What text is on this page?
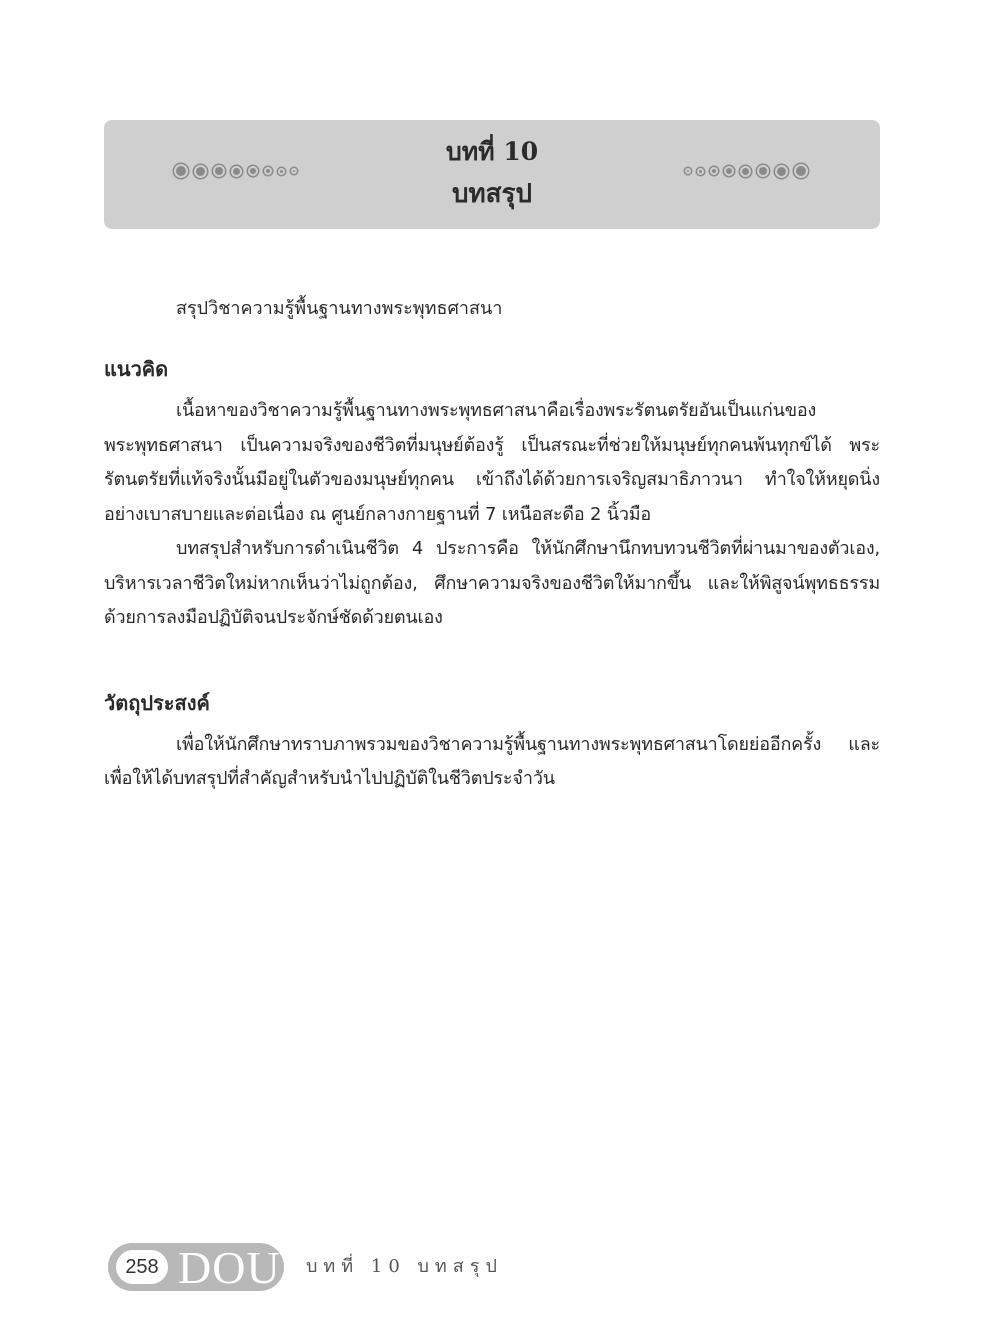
บทที่ 10
บทสรุป

สรุปวิชาความรู้พื้นฐานทางพระพุทธศาสนา

แนวคิด

เนื้อหาของวิชาความรู้พื้นฐานทางพระพุทธศาสนาคือเรื่องพระรัตนตรัยอันเป็นแก่นของพระพุทธศาสนา เป็นความจริงของชีวิตที่มนุษย์ต้องรู้ เป็นสรณะที่ช่วยให้มนุษย์ทุกคนพ้นทุกข์ได้ พระรัตนตรัยที่แท้จริงนั้นมีอยู่ในตัวของมนุษย์ทุกคน เข้าถึงได้ด้วยการเจริญสมาธิภาวนา ทำใจให้หยุดนิ่งอย่างเบาสบายและต่อเนื่อง ณ ศูนย์กลางกายฐานที่ 7 เหนือสะดือ 2 นิ้วมือ

บทสรุปสำหรับการดำเนินชีวิต 4 ประการคือ ให้นักศึกษานึกทบทวนชีวิตที่ผ่านมาของตัวเอง, บริหารเวลาชีวิตใหม่หากเห็นว่าไม่ถูกต้อง, ศึกษาความจริงของชีวิตให้มากขึ้น และให้พิสูจน์พุทธธรรมด้วยการลงมือปฏิบัติจนประจักษ์ชัดด้วยตนเอง

วัตถุประสงค์

เพื่อให้นักศึกษาทราบภาพรวมของวิชาความรู้พื้นฐานทางพระพุทธศาสนาโดยย่ออีกครั้ง และเพื่อให้ได้บทสรุปที่สำคัญสำหรับนำไปปฏิบัติในชีวิตประจำวัน

258 DOU บทที่ 10 บทสรุป
